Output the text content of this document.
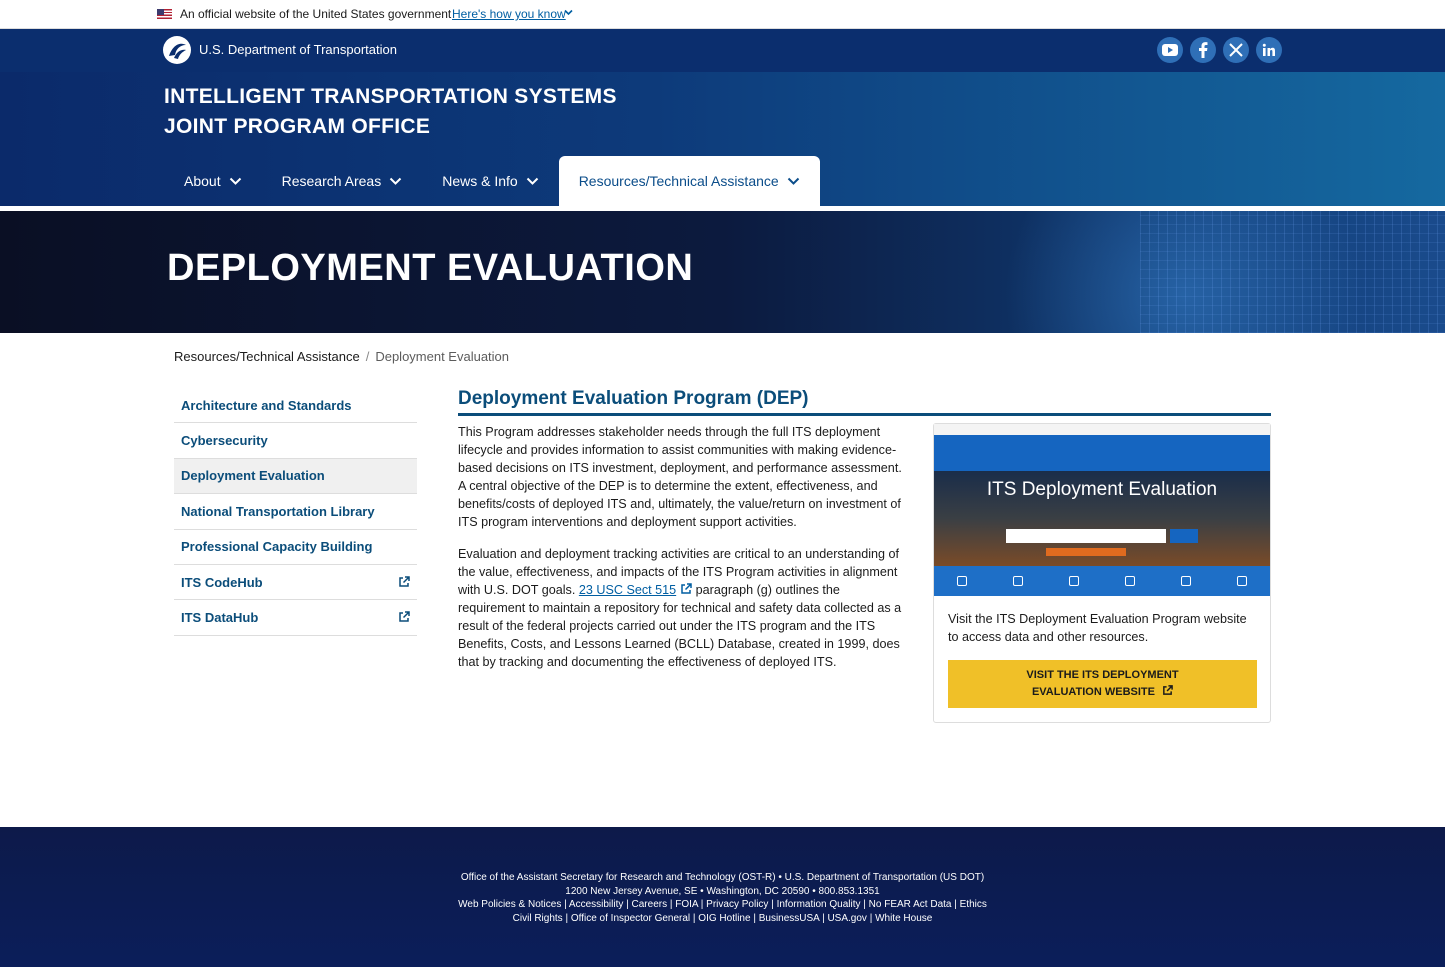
An official website of the United States government Here's how you know
U.S. Department of Transportation
INTELLIGENT TRANSPORTATION SYSTEMS
JOINT PROGRAM OFFICE
About	Research Areas	News & Info	Resources/Technical Assistance
DEPLOYMENT EVALUATION
Resources/Technical Assistance / Deployment Evaluation
Architecture and Standards
Cybersecurity
Deployment Evaluation
National Transportation Library
Professional Capacity Building
ITS CodeHub
ITS DataHub
Deployment Evaluation Program (DEP)

This Program addresses stakeholder needs through the full ITS deployment lifecycle and provides information to assist communities with making evidence-based decisions on ITS investment, deployment, and performance assessment. A central objective of the DEP is to determine the extent, effectiveness, and benefits/costs of deployed ITS and, ultimately, the value/return on investment of ITS program interventions and deployment support activities.

Evaluation and deployment tracking activities are critical to an understanding of the value, effectiveness, and impacts of the ITS Program activities in alignment with U.S. DOT goals. 23 USC Sect 515 paragraph (g) outlines the requirement to maintain a repository for technical and safety data collected as a result of the federal projects carried out under the ITS program and the ITS Benefits, Costs, and Lessons Learned (BCLL) Database, created in 1999, does that by tracking and documenting the effectiveness of deployed ITS.

ITS Deployment Evaluation

Visit the ITS Deployment Evaluation Program website to access data and other resources.

VISIT THE ITS DEPLOYMENT
EVALUATION WEBSITE
Office of the Assistant Secretary for Research and Technology (OST-R) • U.S. Department of Transportation (US DOT)
1200 New Jersey Avenue, SE • Washington, DC 20590 • 800.853.1351
Web Policies & Notices | Accessibility | Careers | FOIA | Privacy Policy | Information Quality | No FEAR Act Data | Ethics
Civil Rights | Office of Inspector General | OIG Hotline | BusinessUSA | USA.gov | White House
